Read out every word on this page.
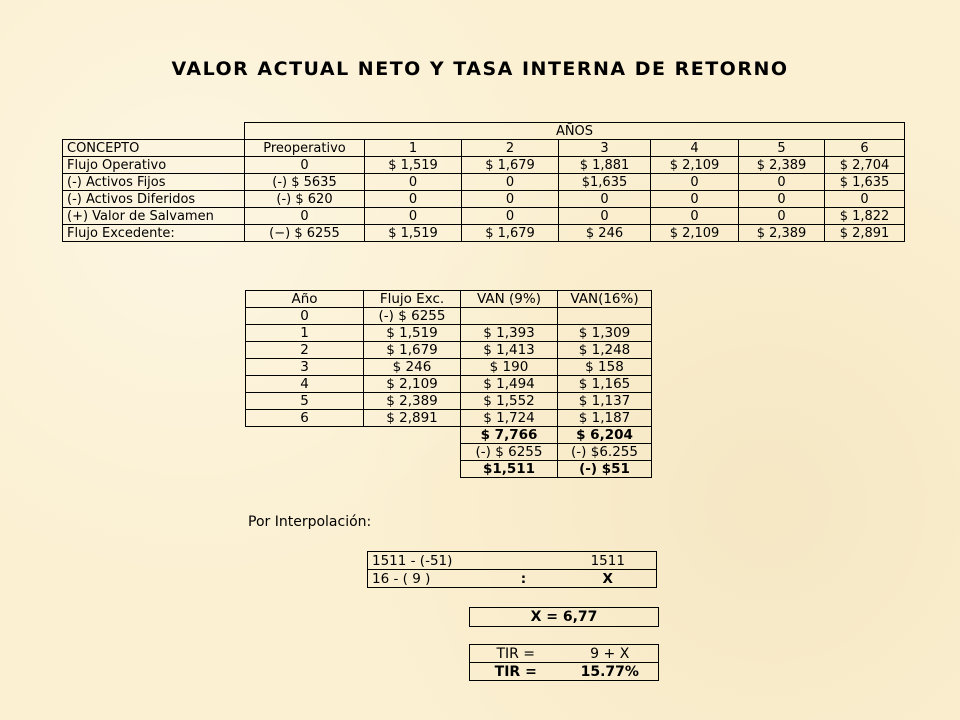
VALOR ACTUAL NETO Y TASA INTERNA DE RETORNO
	AÑOS						
CONCEPTO	Preoperativo	1	2	3	4	5	6
Flujo Operativo	0	$ 1,519	$ 1,679	$ 1,881	$ 2,109	$ 2,389	$ 2,704
(-) Activos Fijos	(-) $ 5635	0	0	$1,635	0	0	$ 1,635
(-) Activos Diferidos	(-) $ 620	0	0	0	0	0	0
(+) Valor de Salvamen	0	0	0	0	0	0	$ 1,822
Flujo Excedente:	(−) $ 6255	$ 1,519	$ 1,679	$ 246	$ 2,109	$ 2,389	$ 2,891
Año	Flujo Exc.	VAN (9%)	VAN(16%)
0	(-) $ 6255		
1	$ 1,519	$ 1,393	$ 1,309
2	$ 1,679	$ 1,413	$ 1,248
3	$ 246	$ 190	$ 158
4	$ 2,109	$ 1,494	$ 1,165
5	$ 2,389	$ 1,552	$ 1,137
6	$ 2,891	$ 1,724	$ 1,187
		$ 7,766	$ 6,204
		(-) $ 6255	(-) $6.255
		$1,511	(-) $51
Por Interpolación:
1511 - (-51)		1511
16 - ( 9 )	:	X
X = 6,77
TIR =	9 + X
TIR =	15.77%
